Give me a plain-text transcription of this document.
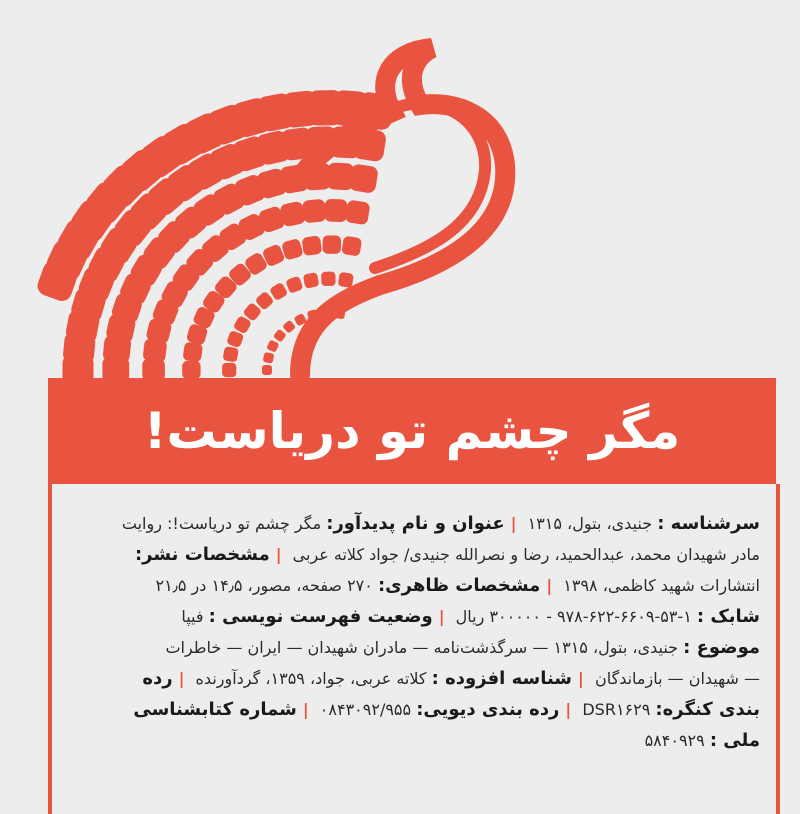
مگر چشم تو دریاست!
سرشناسه : جنیدی، بتول، ۱۳۱۵ |عنوان و نام پدیدآور: مگر چشم تو دریاست!: روایت
مادر شهیدان محمد، عبدالحمید، رضا و نصرالله جنیدی/ جواد کلاته عربی |مشخصات نشر:
انتشارات شهید کاظمی، ۱۳۹۸ |مشخصات ظاهری: ۲۷۰ صفحه، مصور، ۱۴٫۵ در ۲۱٫۵
شابک : ۱-۵۳-۶۶۰۹-۶۲۲-۹۷۸ - ۳۰۰۰۰۰ ریال |وضعیت فهرست نویسی : فیپا
موضوع : جنیدی، بتول، ۱۳۱۵ — سرگذشت‌نامه — مادران شهیدان — ایران — خاطرات
— شهیدان — بازماندگان |شناسه افزوده : کلاته عربی، جواد، ۱۳۵۹، گردآورنده |رده
بندی کنگره: DSR۱۶۲۹ |رده بندی دیویی: ۰۸۴۳۰۹۲/۹۵۵ |شماره کتابشناسی
ملی : ۵۸۴۰۹۲۹
